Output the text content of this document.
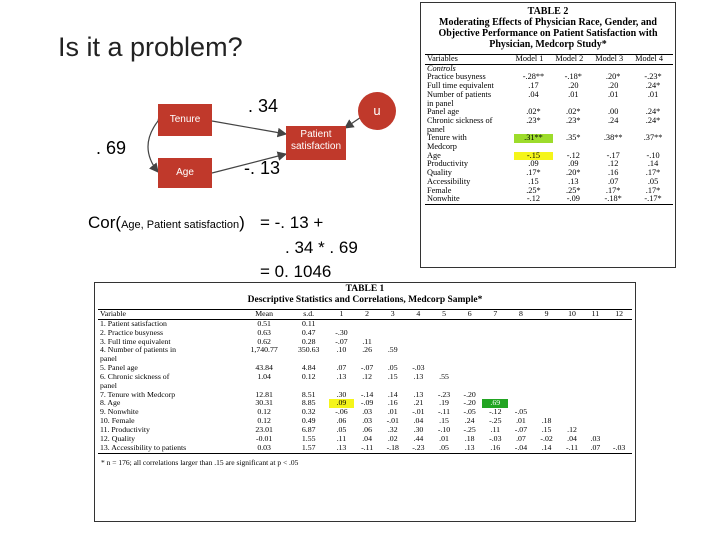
Is it a problem?
Tenure
Age
Patient satisfaction
u
. 34
. 69
-. 13
Cor(Age, Patient satisfaction) = -. 13 +
. 34 * . 69
= 0. 1046
TABLE 2
Moderating Effects of Physician Race, Gender, and
Objective Performance on Patient Satisfaction with
Physician, Medcorp Study*
Variables	Model 1	Model 2	Model 3	Model 4
Controls				
Practice busyness	-.28**	-.18*	.20*	-.23*
Full time equivalent	.17	.20	.20	.24*
Number of patients	.04	.01	.01	.01
in panel				
Panel age	.02*	.02*	.00	.24*
Chronic sickness of	.23*	.23*	.24	.24*
panel				
Tenure with	.31**	.35*	.38**	.37**
Medcorp				
Age	-.15	-.12	-.17	-.10
Productivity	.09	.09	.12	.14
Quality	.17*	.20*	.16	.17*
Accessibility	.15	.13	.07	.05
Female	.25*	.25*	.17*	.17*
Nonwhite	-.12	-.09	-.18*	-.17*
TABLE 1
Descriptive Statistics and Correlations, Medcorp Sample*
Variable	Mean	s.d.	1	2	3	4	5	6	7	8	9	10	11	12
1. Patient satisfaction	0.51	0.11												
2. Practice busyness	0.63	0.47	-.30											
3. Full time equivalent	0.62	0.28	-.07	.11										
4. Number of patients in	1,740.77	350.63	.10	.26	.59									
panel														
5. Panel age	43.84	4.84	.07	-.07	.05	-.03								
6. Chronic sickness of	1.04	0.12	.13	.12	.15	.13	.55							
panel														
7. Tenure with Medcorp	12.81	8.51	.30	-.14	.14	.13	-.23	-.20						
8. Age	30.31	8.85	.09	-.09	.16	.21	.19	-.20	.69					
9. Nonwhite	0.12	0.32	-.06	.03	.01	-.01	-.11	-.05	-.12	-.05				
10. Female	0.12	0.49	.06	.03	-.01	.04	.15	.24	-.25	.01	.18			
11. Productivity	23.01	6.87	.05	.06	.32	.30	-.10	-.25	.11	-.07	.15	.12		
12. Quality	-0.01	1.55	.11	.04	.02	.44	.01	.18	-.03	.07	-.02	.04	.03	
13. Accessibility to patients	0.03	1.57	.13	-.11	-.18	-.23	.05	.13	.16	-.04	.14	-.11	.07	-.03
* n = 176; all correlations larger than .15 are significant at p < .05
